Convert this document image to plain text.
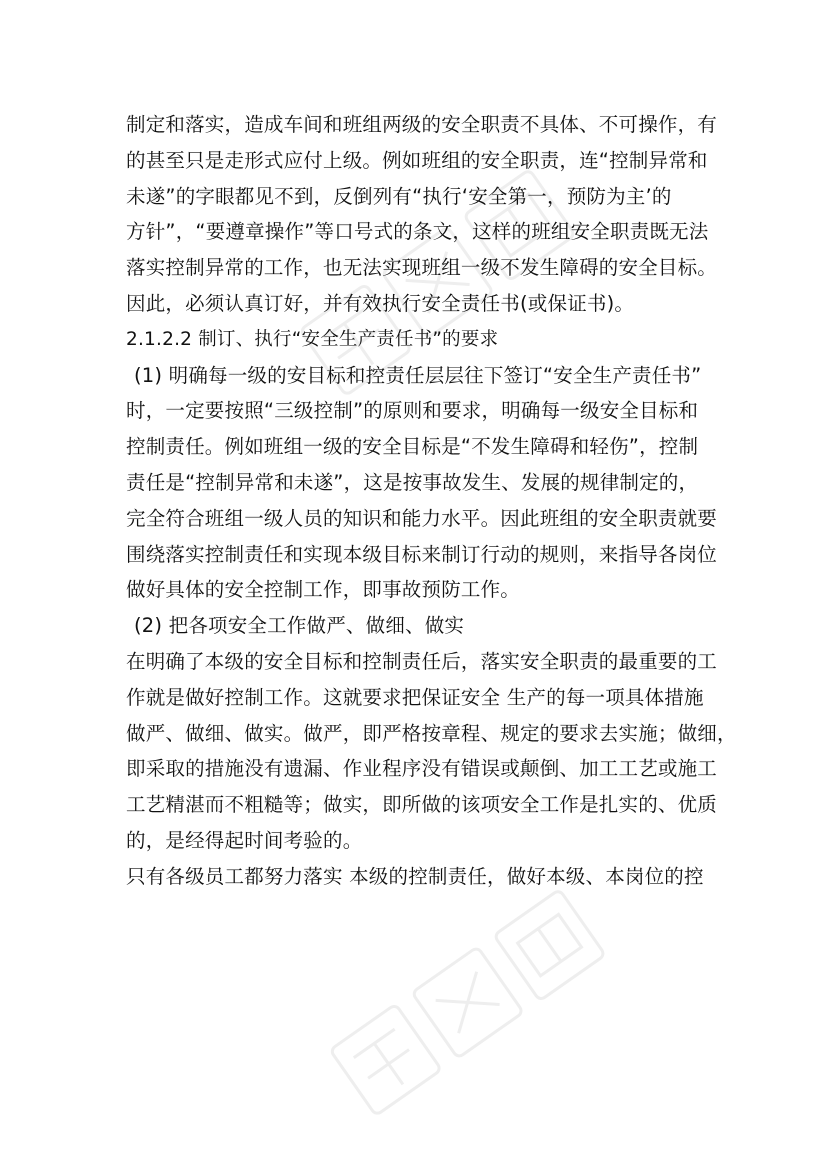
制定和落实，造成车间和班组两级的安全职责不具体、不可操作，有
的甚至只是走形式应付上级。例如班组的安全职责，连“控制异常和
未遂”的字眼都见不到，反倒列有“执行‘安全第一，预防为主’的
方针”，“要遵章操作”等口号式的条文，这样的班组安全职责既无法
落实控制异常的工作，也无法实现班组一级不发生障碍的安全目标。
因此，必须认真订好，并有效执行安全责任书(或保证书)。
2.1.2.2 制订、执行“安全生产责任书”的要求
(1) 明确每一级的安目标和控责任层层往下签订“安全生产责任书”
时，一定要按照“三级控制”的原则和要求，明确每一级安全目标和
控制责任。例如班组一级的安全目标是“不发生障碍和轻伤”，控制
责任是“控制异常和未遂”，这是按事故发生、发展的规律制定的，
完全符合班组一级人员的知识和能力水平。因此班组的安全职责就要
围绕落实控制责任和实现本级目标来制订行动的规则，来指导各岗位
做好具体的安全控制工作，即事故预防工作。
(2) 把各项安全工作做严、做细、做实
在明确了本级的安全目标和控制责任后，落实安全职责的最重要的工
作就是做好控制工作。这就要求把保证安全 生产的每一项具体措施
做严、做细、做实。做严，即严格按章程、规定的要求去实施；做细，
即采取的措施没有遗漏、作业程序没有错误或颠倒、加工工艺或施工
工艺精湛而不粗糙等；做实，即所做的该项安全工作是扎实的、优质
的，是经得起时间考验的。
只有各级员工都努力落实 本级的控制责任，做好本级、本岗位的控
